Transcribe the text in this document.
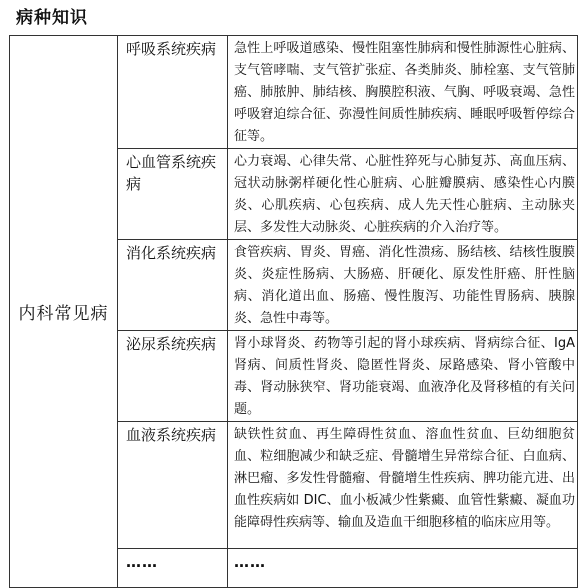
病种知识
内科常见病	呼吸系统疾病	急性上呼吸道感染、慢性阻塞性肺病和慢性肺源性心脏病、支气管哮喘、支气管扩张症、各类肺炎、肺栓塞、支气管肺癌、肺脓肿、肺结核、胸膜腔积液、气胸、呼吸衰竭、急性呼吸窘迫综合征、弥漫性间质性肺疾病、睡眠呼吸暂停综合征等。
	心血管系统疾病	心力衰竭、心律失常、心脏性猝死与心肺复苏、高血压病、冠状动脉粥样硬化性心脏病、心脏瓣膜病、感染性心内膜炎、心肌疾病、心包疾病、成人先天性心脏病、主动脉夹层、多发性大动脉炎、心脏疾病的介入治疗等。
	消化系统疾病	食管疾病、胃炎、胃癌、消化性溃疡、肠结核、结核性腹膜炎、炎症性肠病、大肠癌、肝硬化、原发性肝癌、肝性脑病、消化道出血、肠癌、慢性腹泻、功能性胃肠病、胰腺炎、急性中毒等。
	泌尿系统疾病	肾小球肾炎、药物等引起的肾小球疾病、肾病综合征、IgA 肾病、间质性肾炎、隐匿性肾炎、尿路感染、肾小管酸中毒、肾动脉狭窄、肾功能衰竭、血液净化及肾移植的有关问题。
	血液系统疾病	缺铁性贫血、再生障碍性贫血、溶血性贫血、巨幼细胞贫血、粒细胞减少和缺乏症、骨髓增生异常综合征、白血病、淋巴瘤、多发性骨髓瘤、骨髓增生性疾病、脾功能亢进、出血性疾病如 DIC、血小板减少性紫癜、血管性紫癜、凝血功能障碍性疾病等、输血及造血干细胞移植的临床应用等。
	……	……
